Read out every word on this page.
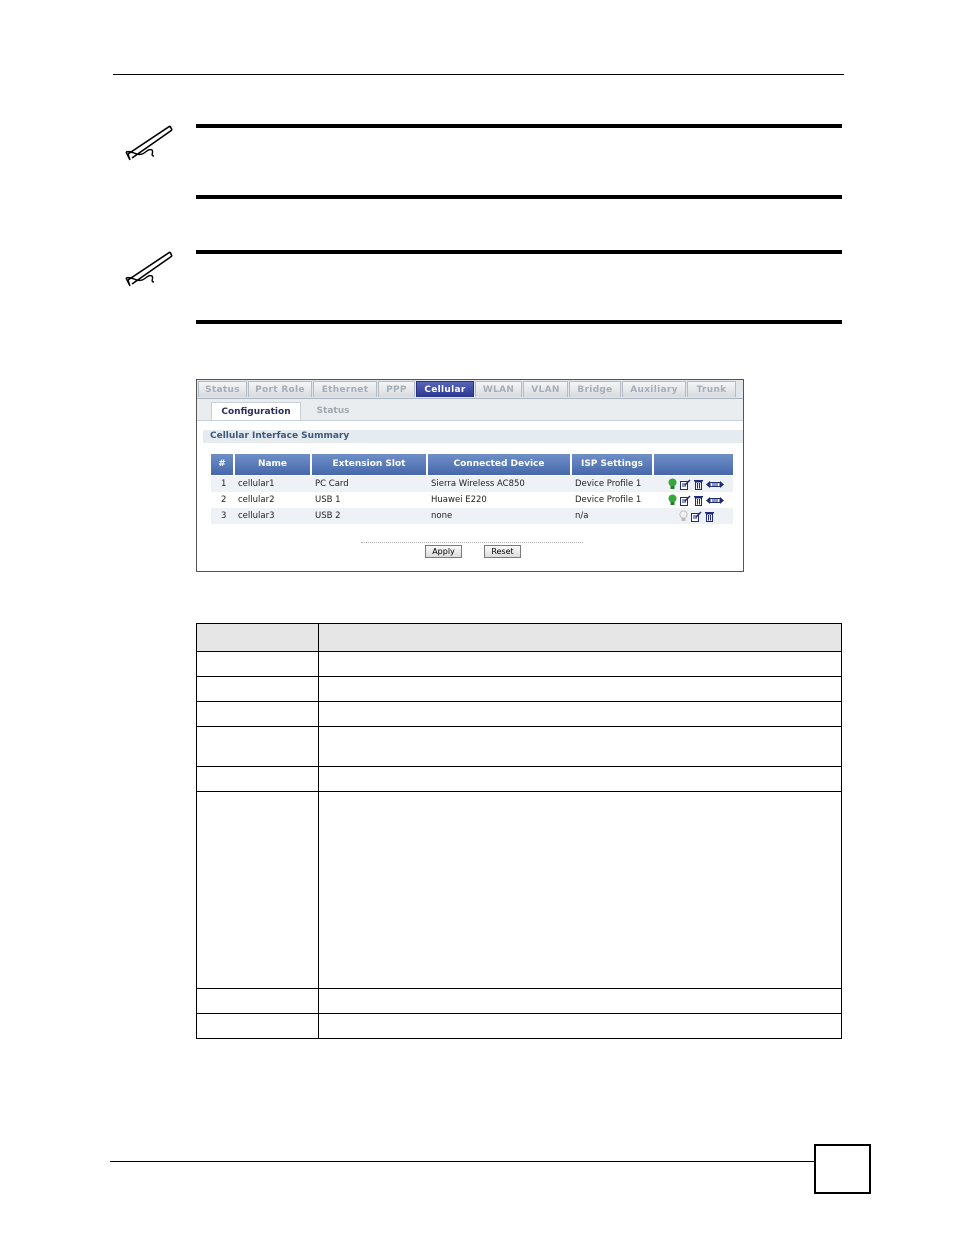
Status	Port Role	Ethernet	PPP	Cellular	WLAN	VLAN	Bridge	Auxiliary	Trunk
Configuration	Status
Cellular Interface Summary
#	Name	Extension Slot	Connected Device	ISP Settings
1 cellular1	PC Card	Sierra Wireless AC850	Device Profile 1
2 cellular2	USB 1	Huawei E220	Device Profile 1
3 cellular3	USB 2	none	n/a
Apply	Reset
